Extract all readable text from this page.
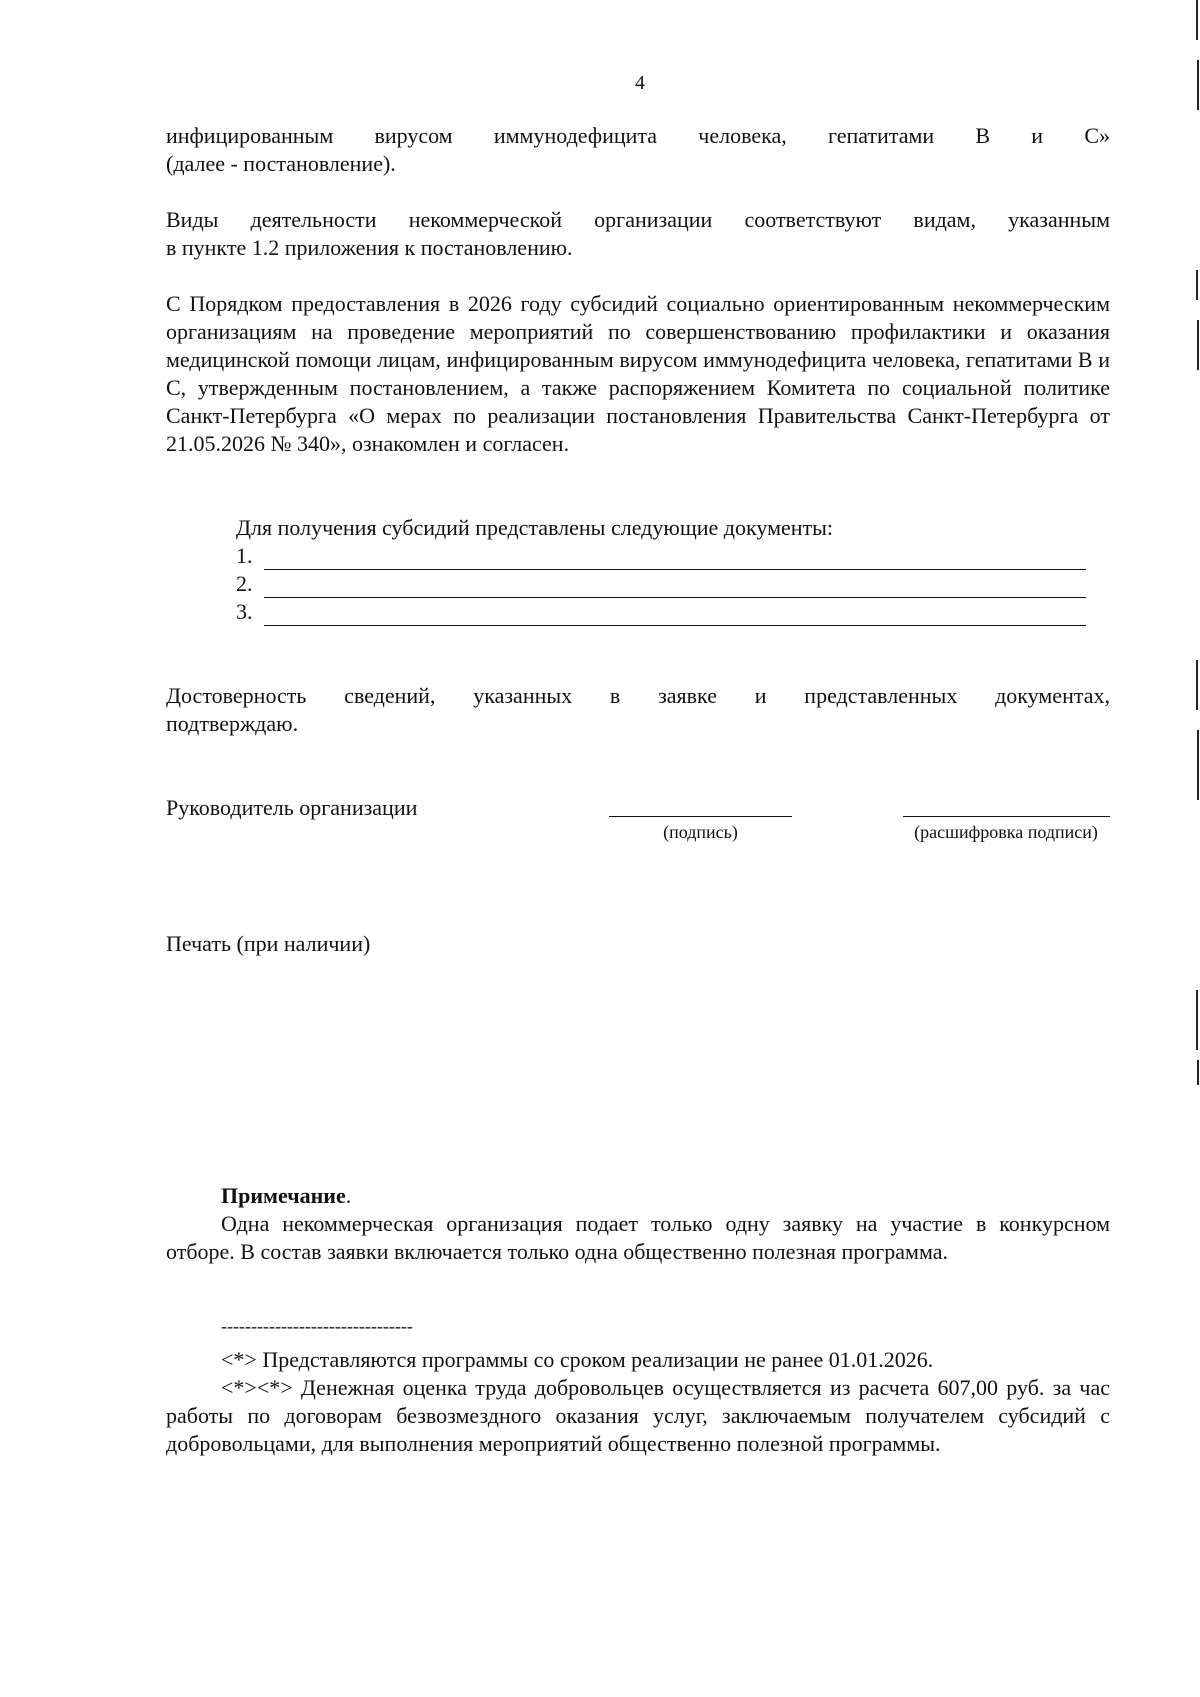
4
инфицированным вирусом иммунодефицита человека, гепатитами В и С»
(далее - постановление).
Виды деятельности некоммерческой организации соответствуют видам, указанным
в пункте 1.2 приложения к постановлению.
С Порядком предоставления в 2026 году субсидий социально ориентированным некоммерческим организациям на проведение мероприятий по совершенствованию профилактики и оказания медицинской помощи лицам, инфицированным вирусом иммунодефицита человека, гепатитами В и С, утвержденным постановлением, а также распоряжением Комитета по социальной политике Санкт-Петербурга «О мерах по реализации постановления Правительства Санкт-Петербурга от 21.05.2026 № 340», ознакомлен и согласен.
Для получения субсидий представлены следующие документы:
1.
2.
3.
Достоверность сведений, указанных в заявке и представленных документах,
подтверждаю.
Руководитель организации
(подпись)	(расшифровка подписи)
Печать (при наличии)
Примечание.
Одна некоммерческая организация подает только одну заявку на участие в конкурсном отборе. В состав заявки включается только одна общественно полезная программа.
--------------------------------
<*> Представляются программы со сроком реализации не ранее 01.01.2026.
<*><*> Денежная оценка труда добровольцев осуществляется из расчета 607,00 руб. за час работы по договорам безвозмездного оказания услуг, заключаемым получателем субсидий с добровольцами, для выполнения мероприятий общественно полезной программы.
